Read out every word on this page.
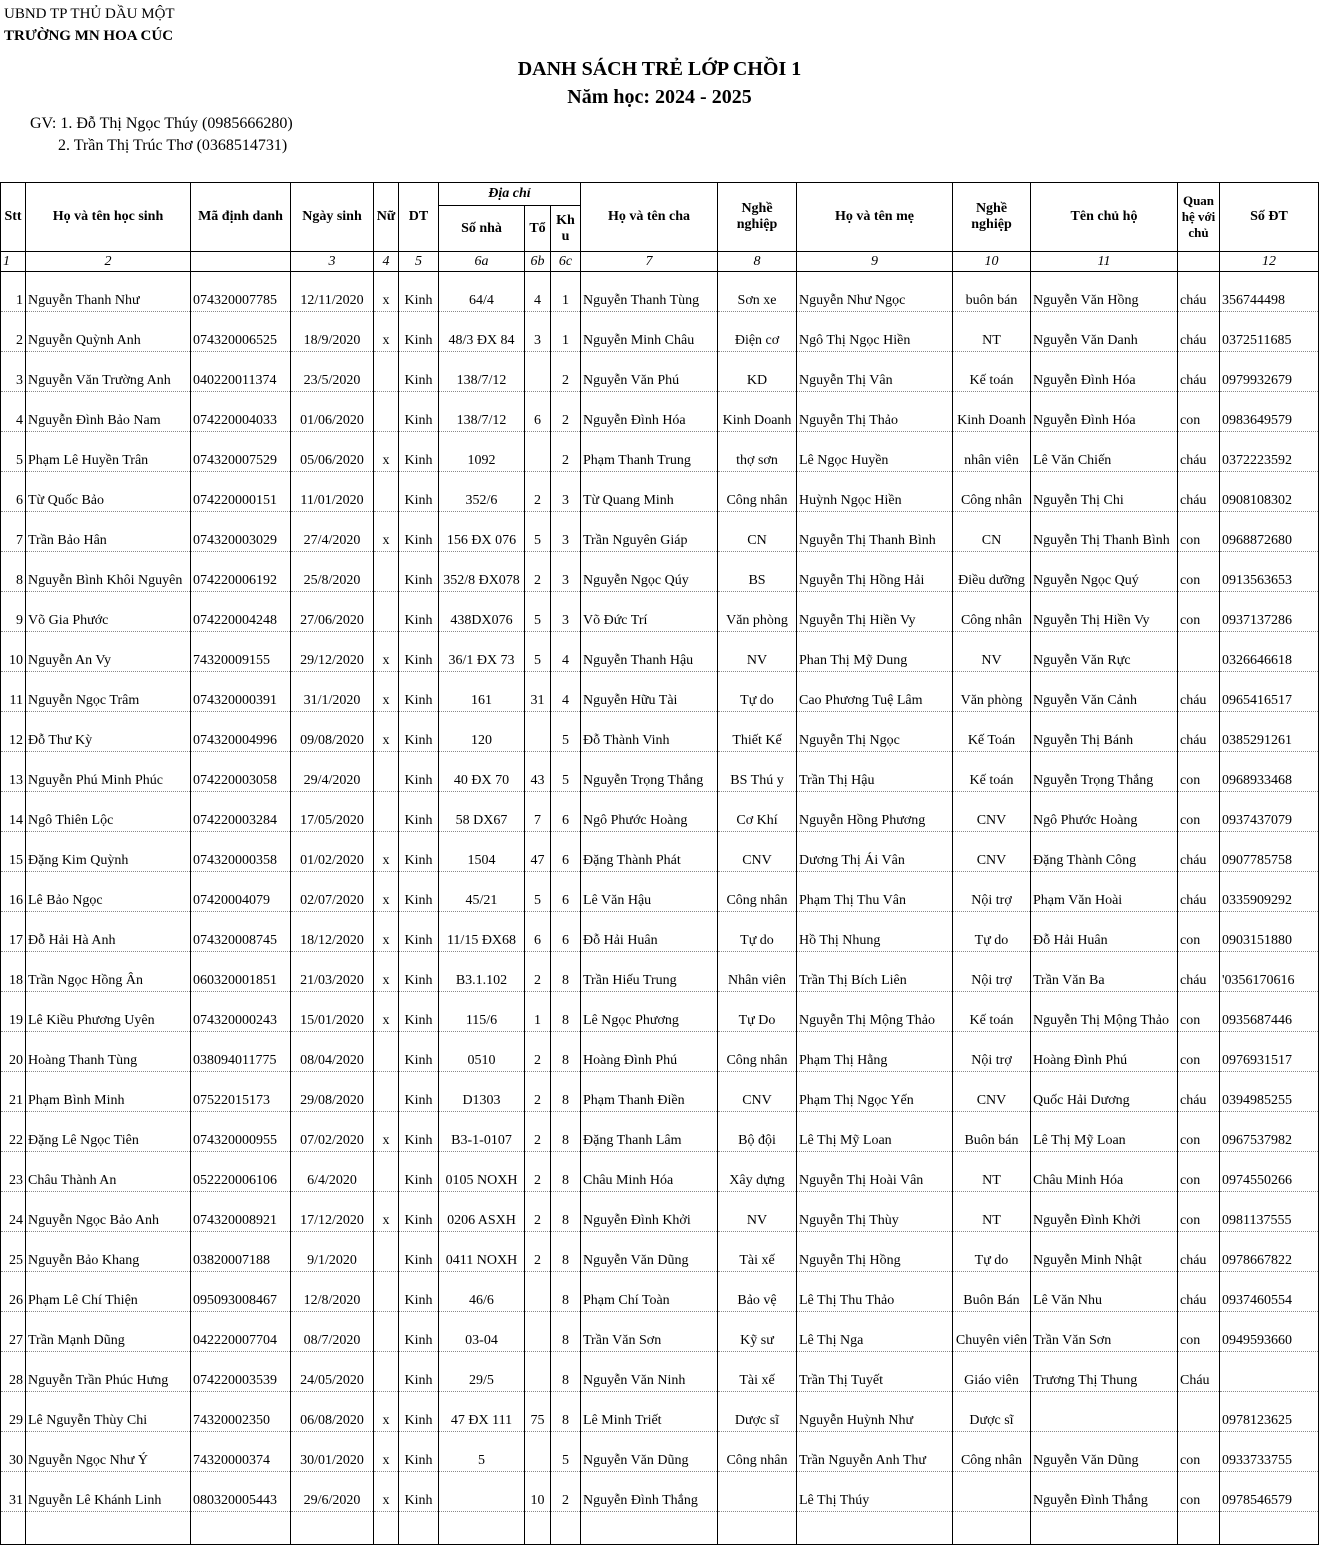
UBND TP THỦ DẦU MỘT
TRƯỜNG MN HOA CÚC
DANH SÁCH TRẺ LỚP CHỒI 1
Năm học: 2024 - 2025
GV: 1. Đỗ Thị Ngọc Thúy (0985666280)
2. Trần Thị Trúc Thơ (0368514731)
Stt	Họ và tên học sinh	Mã định danh	Ngày sinh	Nữ	DT	Địa chỉ			Họ và tên cha	Nghề nghiệp	Họ và tên mẹ	Nghề nghiệp	Tên chủ hộ	Quan hệ với chủ	Số ĐT
						Số nhà	Tổ	Khu							
1	2		3	4	5	6a	6b	6c	7	8	9	10	11		12
1	Nguyễn Thanh Như	074320007785	12/11/2020	x	Kinh	64/4	4	1	Nguyễn Thanh Tùng	Sơn xe	Nguyễn Như Ngọc	buôn bán	Nguyễn Văn Hồng	cháu	356744498
2	Nguyễn Quỳnh Anh	074320006525	18/9/2020	x	Kinh	48/3 ĐX 84	3	1	Nguyễn Minh Châu	Điện cơ	Ngô Thị Ngọc Hiền	NT	Nguyễn Văn Danh	cháu	0372511685
3	Nguyễn Văn Trường Anh	040220011374	23/5/2020		Kinh	138/7/12		2	Nguyễn Văn Phú	KD	Nguyễn Thị Vân	Kế toán	Nguyễn Đình Hóa	cháu	0979932679
4	Nguyễn Đình Bảo Nam	074220004033	01/06/2020		Kinh	138/7/12	6	2	Nguyễn Đình Hóa	Kinh Doanh	Nguyễn Thị Thảo	Kinh Doanh	Nguyễn Đình Hóa	con	0983649579
5	Phạm Lê Huyền Trân	074320007529	05/06/2020	x	Kinh	1092		2	Phạm Thanh Trung	thợ sơn	Lê Ngọc Huyền	nhân viên	Lê Văn Chiến	cháu	0372223592
6	Từ Quốc Bảo	074220000151	11/01/2020		Kinh	352/6	2	3	Từ Quang Minh	Công nhân	Huỳnh Ngọc Hiền	Công nhân	Nguyễn Thị Chi	cháu	0908108302
7	Trần Bảo Hân	074320003029	27/4/2020	x	Kinh	156 ĐX 076	5	3	Trần Nguyên Giáp	CN	Nguyễn Thị Thanh Bình	CN	Nguyễn Thị Thanh Bình	con	0968872680
8	Nguyễn Bình Khôi Nguyên	074220006192	25/8/2020		Kinh	352/8 ĐX078	2	3	Nguyễn Ngọc Qúy	BS	Nguyễn Thị Hồng Hải	Điều dưỡng	Nguyễn Ngọc Quý	con	0913563653
9	Võ Gia Phước	074220004248	27/06/2020		Kinh	438DX076	5	3	Võ Đức Trí	Văn phòng	Nguyễn Thị Hiền Vy	Công nhân	Nguyễn Thị Hiền Vy	con	0937137286
10	Nguyễn An Vy	74320009155	29/12/2020	x	Kinh	36/1 ĐX 73	5	4	Nguyễn Thanh Hậu	NV	Phan Thị Mỹ Dung	NV	Nguyễn Văn Rực		0326646618
11	Nguyễn Ngọc Trâm	074320000391	31/1/2020	x	Kinh	161	31	4	Nguyễn Hữu Tài	Tự do	Cao Phương Tuệ Lâm	Văn phòng	Nguyễn Văn Cảnh	cháu	0965416517
12	Đỗ Thư Kỳ	074320004996	09/08/2020	x	Kinh	120		5	Đỗ Thành Vinh	Thiết Kế	Nguyễn Thị Ngọc	Kế Toán	Nguyễn Thị Bánh	cháu	0385291261
13	Nguyễn Phú Minh Phúc	074220003058	29/4/2020		Kinh	40 ĐX 70	43	5	Nguyễn Trọng Thắng	BS Thú y	Trần Thị Hậu	Kế toán	Nguyễn Trọng Thắng	con	0968933468
14	Ngô Thiên Lộc	074220003284	17/05/2020		Kinh	58 DX67	7	6	Ngô Phước Hoàng	Cơ Khí	Nguyễn Hồng Phương	CNV	Ngô Phước Hoàng	con	0937437079
15	Đặng Kim Quỳnh	074320000358	01/02/2020	x	Kinh	1504	47	6	Đặng Thành Phát	CNV	Dương Thị Ái Vân	CNV	Đặng Thành Công	cháu	0907785758
16	Lê Bảo Ngọc	07420004079	02/07/2020	x	Kinh	45/21	5	6	Lê Văn Hậu	Công nhân	Phạm Thị Thu Vân	Nội trợ	Phạm Văn Hoài	cháu	0335909292
17	Đỗ Hải Hà Anh	074320008745	18/12/2020	x	Kinh	11/15 ĐX68	6	6	Đỗ Hải Huân	Tự do	Hồ Thị Nhung	Tự do	Đỗ Hải Huân	con	0903151880
18	Trần Ngọc Hồng Ân	060320001851	21/03/2020	x	Kinh	B3.1.102	2	8	Trần Hiếu Trung	Nhân viên	Trần Thị Bích Liên	Nội trợ	Trần Văn Ba	cháu	'0356170616
19	Lê Kiều Phương Uyên	074320000243	15/01/2020	x	Kinh	115/6	1	8	Lê Ngọc Phương	Tự Do	Nguyễn Thị Mộng Thảo	Kế toán	Nguyễn Thị Mộng Thảo	con	0935687446
20	Hoàng Thanh Tùng	038094011775	08/04/2020		Kinh	0510	2	8	Hoàng Đình Phú	Công nhân	Phạm Thị Hằng	Nội trợ	Hoàng Đình Phú	con	0976931517
21	Phạm Bình Minh	07522015173	29/08/2020		Kinh	D1303	2	8	Phạm Thanh Điền	CNV	Phạm Thị Ngọc Yến	CNV	Quốc Hải Dương	cháu	0394985255
22	Đặng Lê Ngọc Tiên	074320000955	07/02/2020	x	Kinh	B3-1-0107	2	8	Đặng Thanh Lâm	Bộ đội	Lê Thị Mỹ Loan	Buôn bán	Lê Thị Mỹ Loan	con	0967537982
23	Châu Thành An	052220006106	6/4/2020		Kinh	0105 NOXH	2	8	Châu Minh Hóa	Xây dựng	Nguyễn Thị Hoài Vân	NT	Châu Minh Hóa	con	0974550266
24	Nguyễn Ngọc Bảo Anh	074320008921	17/12/2020	x	Kinh	0206 ASXH	2	8	Nguyễn Đình Khởi	NV	Nguyễn Thị Thùy	NT	Nguyễn Đình Khởi	con	0981137555
25	Nguyễn Bảo Khang	03820007188	9/1/2020		Kinh	0411 NOXH	2	8	Nguyễn Văn Dũng	Tài xế	Nguyễn Thị Hồng	Tự do	Nguyễn Minh Nhật	cháu	0978667822
26	Phạm Lê Chí Thiện	095093008467	12/8/2020		Kinh	46/6		8	Phạm Chí Toàn	Bảo vệ	Lê Thị Thu Thảo	Buôn Bán	Lê Văn Nhu	cháu	0937460554
27	Trần Mạnh Dũng	042220007704	08/7/2020		Kinh	03-04		8	Trần Văn Sơn	Kỹ sư	Lê Thị Nga	Chuyên viên	Trần Văn Sơn	con	0949593660
28	Nguyễn Trần Phúc Hưng	074220003539	24/05/2020		Kinh	29/5		8	Nguyễn Văn Ninh	Tài xế	Trần Thị Tuyết	Giáo viên	Trương Thị Thung	Cháu	
29	Lê Nguyễn Thùy Chi	74320002350	06/08/2020	x	Kinh	47 ĐX 111	75	8	Lê Minh Triết	Dược sĩ	Nguyễn Huỳnh Như	Dược sĩ			0978123625
30	Nguyễn Ngọc Như Ý	74320000374	30/01/2020	x	Kinh	5		5	Nguyễn Văn Dũng	Công nhân	Trần Nguyễn Anh Thư	Công nhân	Nguyễn Văn Dũng	con	0933733755
31	Nguyễn Lê Khánh Linh	080320005443	29/6/2020	x	Kinh		10	2	Nguyễn Đình Thắng		Lê Thị Thúy		Nguyễn Đình Thắng	con	0978546579
